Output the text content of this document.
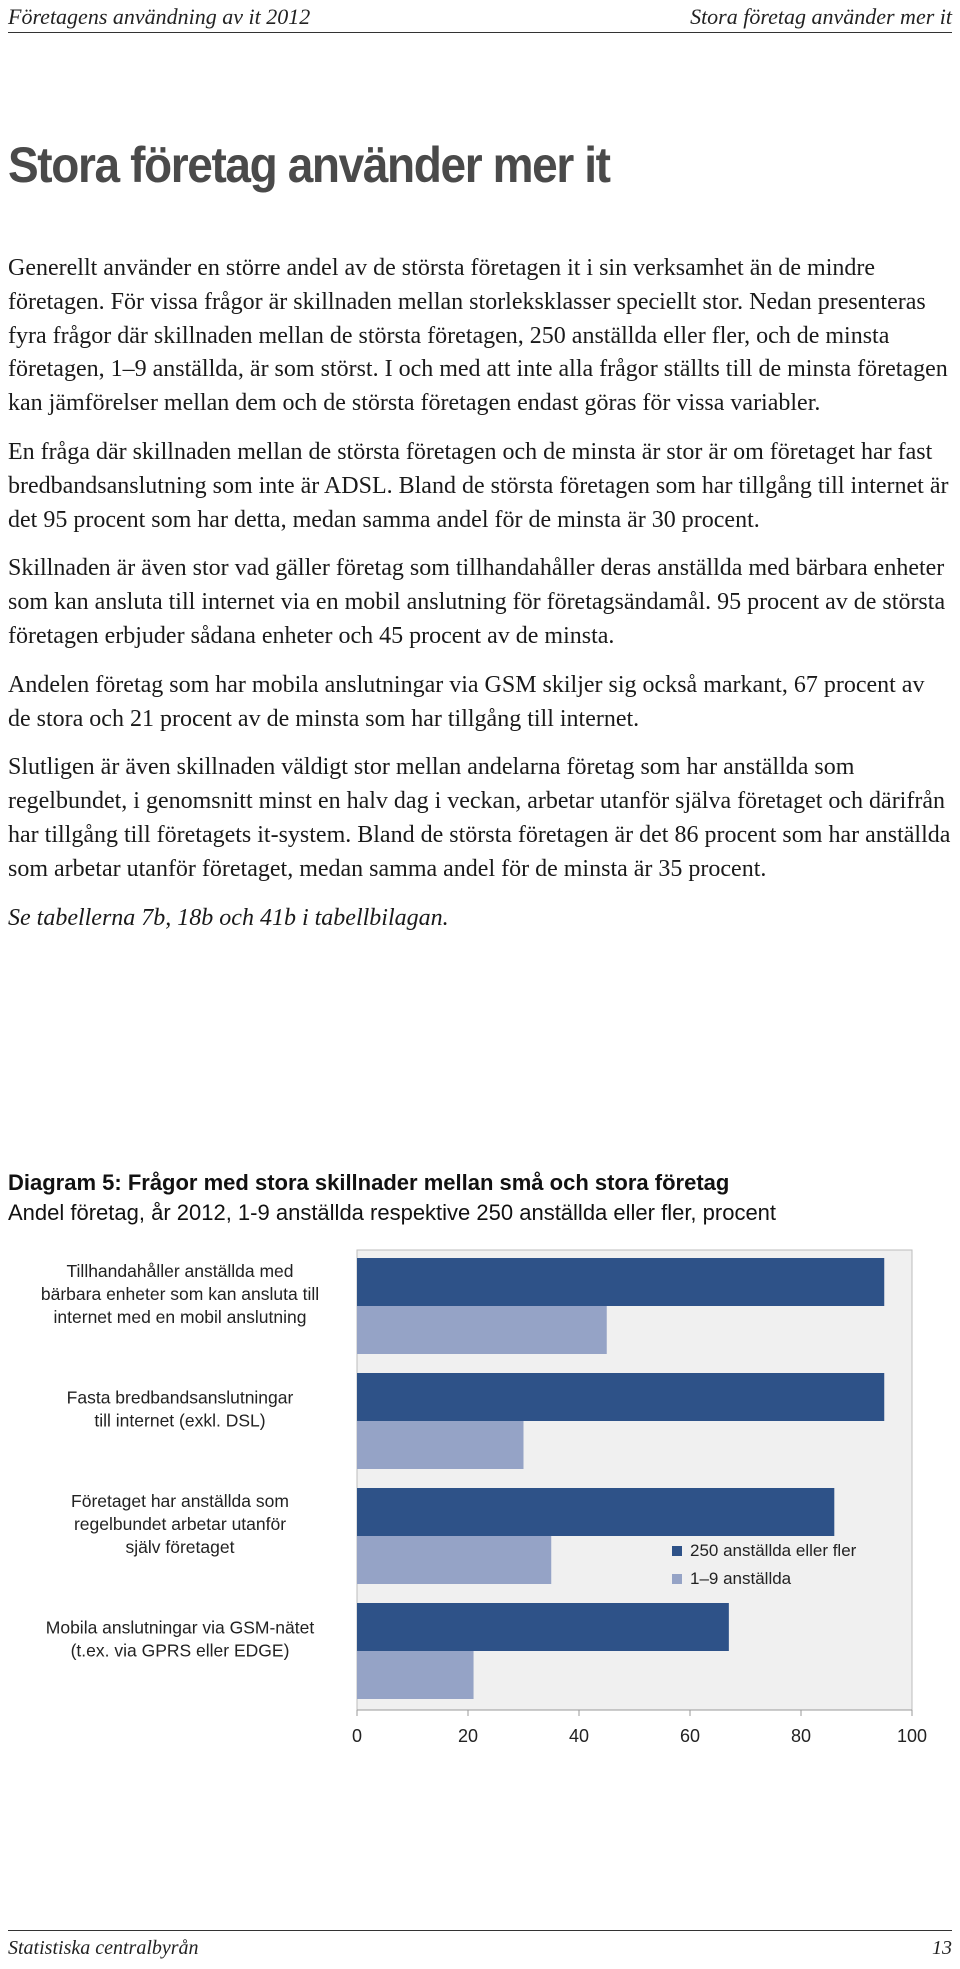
Företagens användning av it 2012	Stora företag använder mer it
Stora företag använder mer it

Generellt använder en större andel av de största företagen it i sin verksamhet än de mindre företagen. För vissa frågor är skillnaden mellan storleksklasser speciellt stor. Nedan presenteras fyra frågor där skillnaden mellan de största företagen, 250 anställda eller fler, och de minsta företagen, 1–9 anställda, är som störst. I och med att inte alla frågor ställts till de minsta företagen kan jämförelser mellan dem och de största företagen endast göras för vissa variabler.

En fråga där skillnaden mellan de största företagen och de minsta är stor är om företaget har fast bredbandsanslutning som inte är ADSL. Bland de största företagen som har tillgång till internet är det 95 procent som har detta, medan samma andel för de minsta är 30 procent.

Skillnaden är även stor vad gäller företag som tillhandahåller deras anställda med bärbara enheter som kan ansluta till internet via en mobil anslutning för företagsändamål. 95 procent av de största företagen erbjuder sådana enheter och 45 procent av de minsta.

Andelen företag som har mobila anslutningar via GSM skiljer sig också markant, 67 procent av de stora och 21 procent av de minsta som har tillgång till internet.

Slutligen är även skillnaden väldigt stor mellan andelarna företag som har anställda som regelbundet, i genomsnitt minst en halv dag i veckan, arbetar utanför själva företaget och därifrån har tillgång till företagets it-system. Bland de största företagen är det 86 procent som har anställda som arbetar utanför företaget, medan samma andel för de minsta är 35 procent.

Se tabellerna 7b, 18b och 41b i tabellbilagan.

Diagram 5: Frågor med stora skillnader mellan små och stora företag
Andel företag, år 2012, 1-9 anställda respektive 250 anställda eller fler, procent
Tillhandahåller anställda med bärbara enheter som kan ansluta till internet med en mobil anslutning
Fasta bredbandsanslutningar till internet (exkl. DSL)
Företaget har anställda som regelbundet arbetar utanför själv företaget
Mobila anslutningar via GSM-nätet (t.ex. via GPRS eller EDGE)
0	20	40	60	80	100
250 anställda eller fler
1–9 anställda
Statistiska centralbyrån	13
